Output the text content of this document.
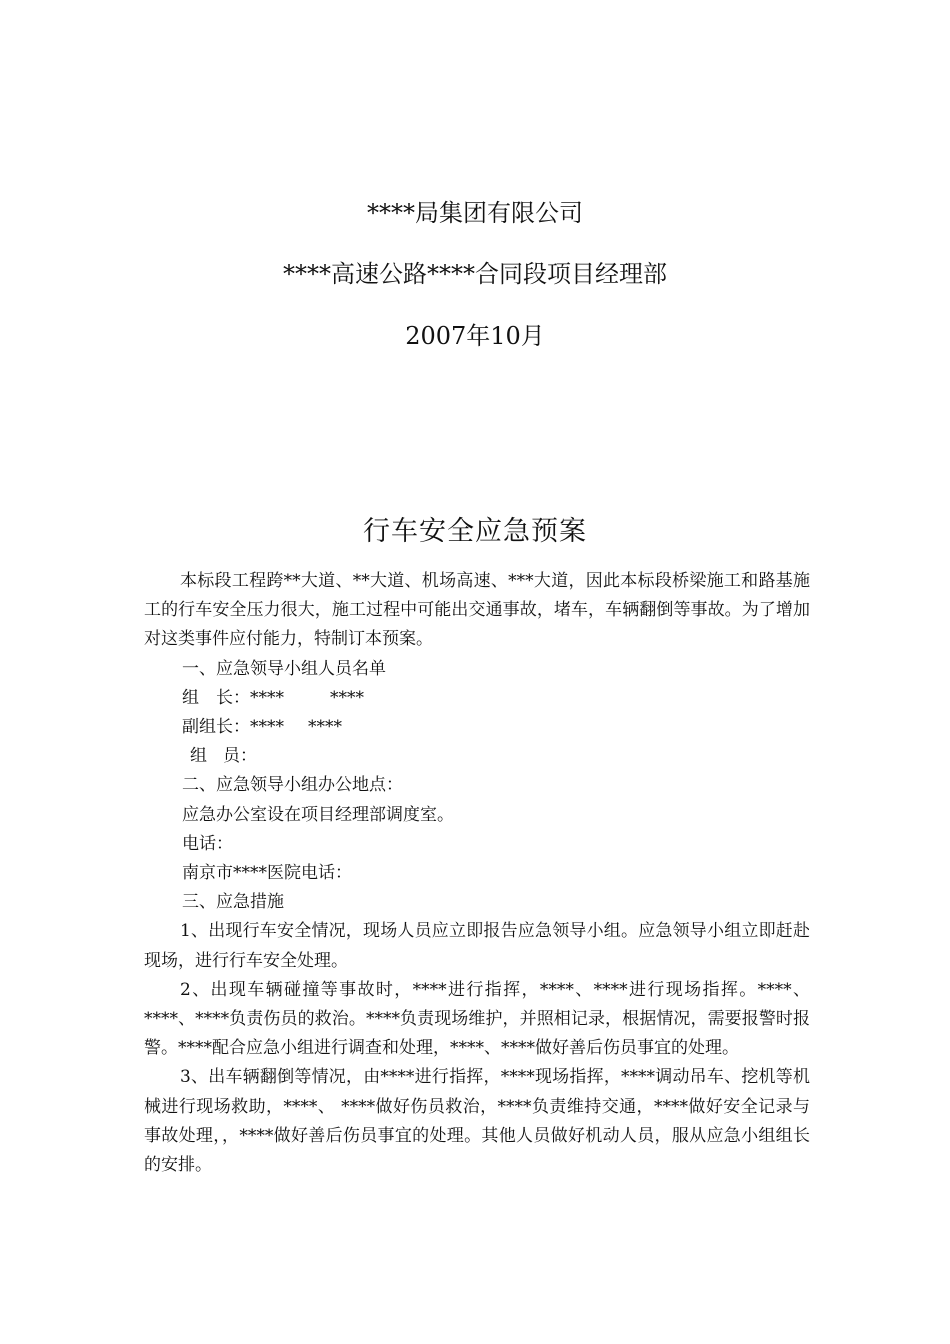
****局集团有限公司
****高速公路****合同段项目经理部
2007年10月
行车安全应急预案

本标段工程跨**大道、**大道、机场高速、***大道，因此本标段桥梁施工和路基施工的行车安全压力很大，施工过程中可能出交通事故，堵车，车辆翻倒等事故。为了增加对这类事件应付能力，特制订本预案。

一、应急领导小组人员名单

组　长：****	****

副组长：**** ****

组 员：

二、应急领导小组办公地点：

应急办公室设在项目经理部调度室。

电话：

南京市****医院电话：

三、应急措施

1、出现行车安全情况，现场人员应立即报告应急领导小组。应急领导小组立即赶赴现场，进行行车安全处理。

2、出现车辆碰撞等事故时，****进行指挥，****、****进行现场指挥。****、****、****负责伤员的救治。****负责现场维护，并照相记录，根据情况，需要报警时报警。****配合应急小组进行调查和处理，****、****做好善后伤员事宜的处理。

3、出车辆翻倒等情况，由****进行指挥，****现场指挥，****调动吊车、挖机等机械进行现场救助，****、 ****做好伤员救治，****负责维持交通，****做好安全记录与事故处理，，****做好善后伤员事宜的处理。其他人员做好机动人员，服从应急小组组长的安排。
